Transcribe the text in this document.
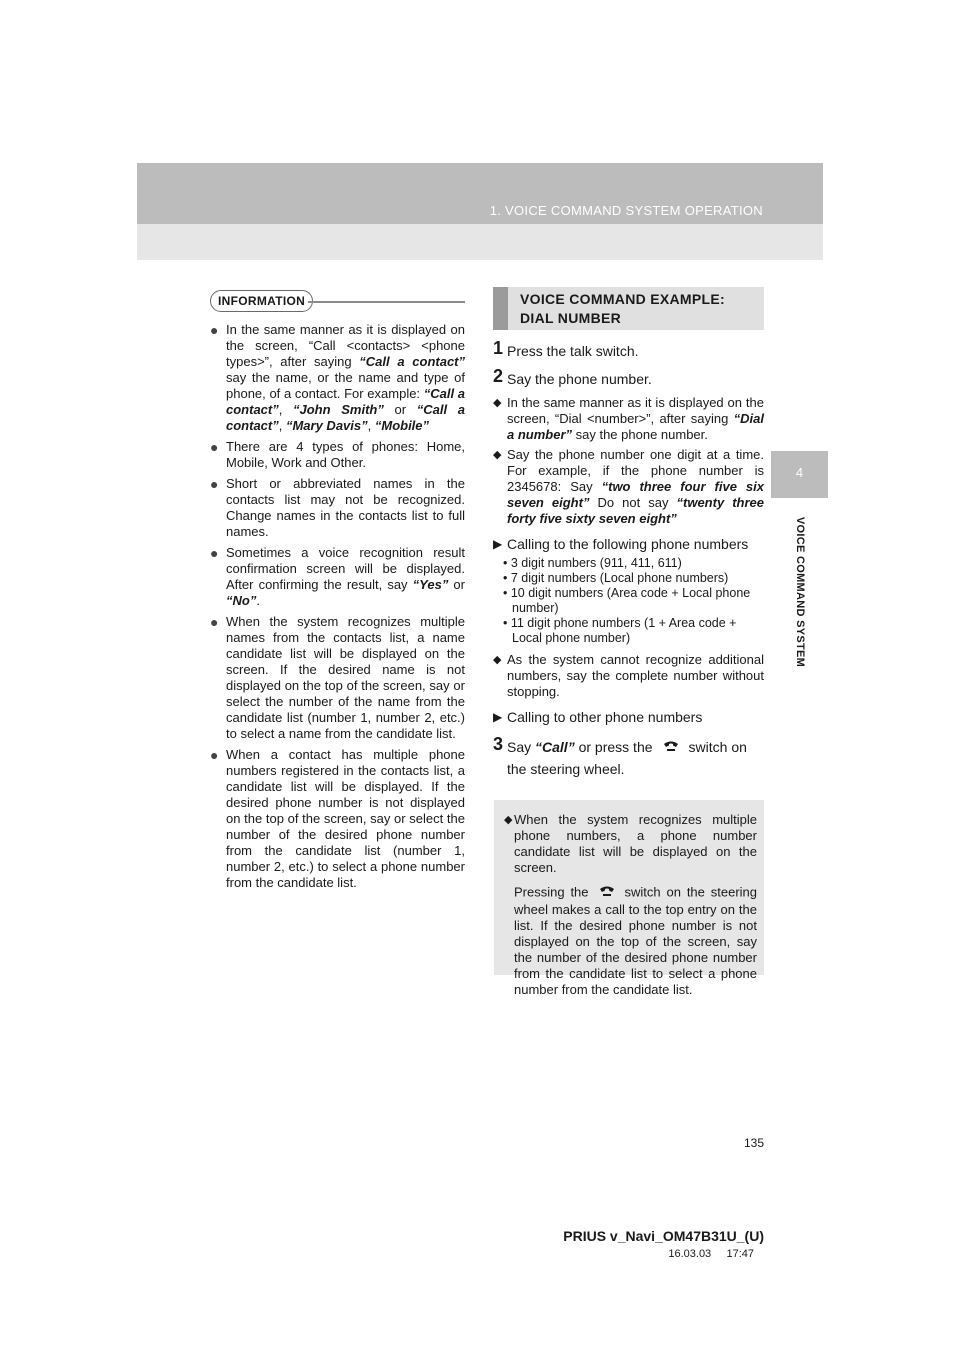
1. VOICE COMMAND SYSTEM OPERATION
4
VOICE COMMAND SYSTEM
INFORMATION
● In the same manner as it is displayed on the screen, “Call <contacts> <phone types>”, after saying “Call a contact” say the name, or the name and type of phone, of a contact. For example: “Call a contact”, “John Smith” or “Call a contact”, “Mary Davis”, “Mobile”
● There are 4 types of phones: Home, Mobile, Work and Other.
● Short or abbreviated names in the contacts list may not be recognized. Change names in the contacts list to full names.
● Sometimes a voice recognition result confirmation screen will be displayed. After confirming the result, say “Yes” or “No”.
● When the system recognizes multiple names from the contacts list, a name candidate list will be displayed on the screen. If the desired name is not displayed on the top of the screen, say or select the number of the name from the candidate list (number 1, number 2, etc.) to select a name from the candidate list.
● When a contact has multiple phone numbers registered in the contacts list, a candidate list will be displayed. If the desired phone number is not displayed on the top of the screen, say or select the number of the desired phone number from the candidate list (number 1, number 2, etc.) to select a phone number from the candidate list.
VOICE COMMAND EXAMPLE:
DIAL NUMBER
1 Press the talk switch.
2 Say the phone number.
◆ In the same manner as it is displayed on the screen, “Dial <number>”, after saying “Dial a number” say the phone number.
◆ Say the phone number one digit at a time. For example, if the phone number is 2345678: Say “two three four five six seven eight” Do not say “twenty three forty five sixty seven eight”
▶ Calling to the following phone numbers
• 3 digit numbers (911, 411, 611)
• 7 digit numbers (Local phone numbers)
• 10 digit numbers (Area code + Local phone number)
• 11 digit phone numbers (1 + Area code + Local phone number)
◆ As the system cannot recognize additional numbers, say the complete number without stopping.
▶ Calling to other phone numbers
3 Say “Call” or press the	switch on the steering wheel.

◆ When the system recognizes multiple phone numbers, a phone number candidate list will be displayed on the screen.

Pressing the	switch on the steering wheel makes a call to the top entry on the list. If the desired phone number is not displayed on the top of the screen, say the number of the desired phone number from the candidate list to select a phone number from the candidate list.

135
PRIUS v_Navi_OM47B31U_(U)
16.03.03     17:47
